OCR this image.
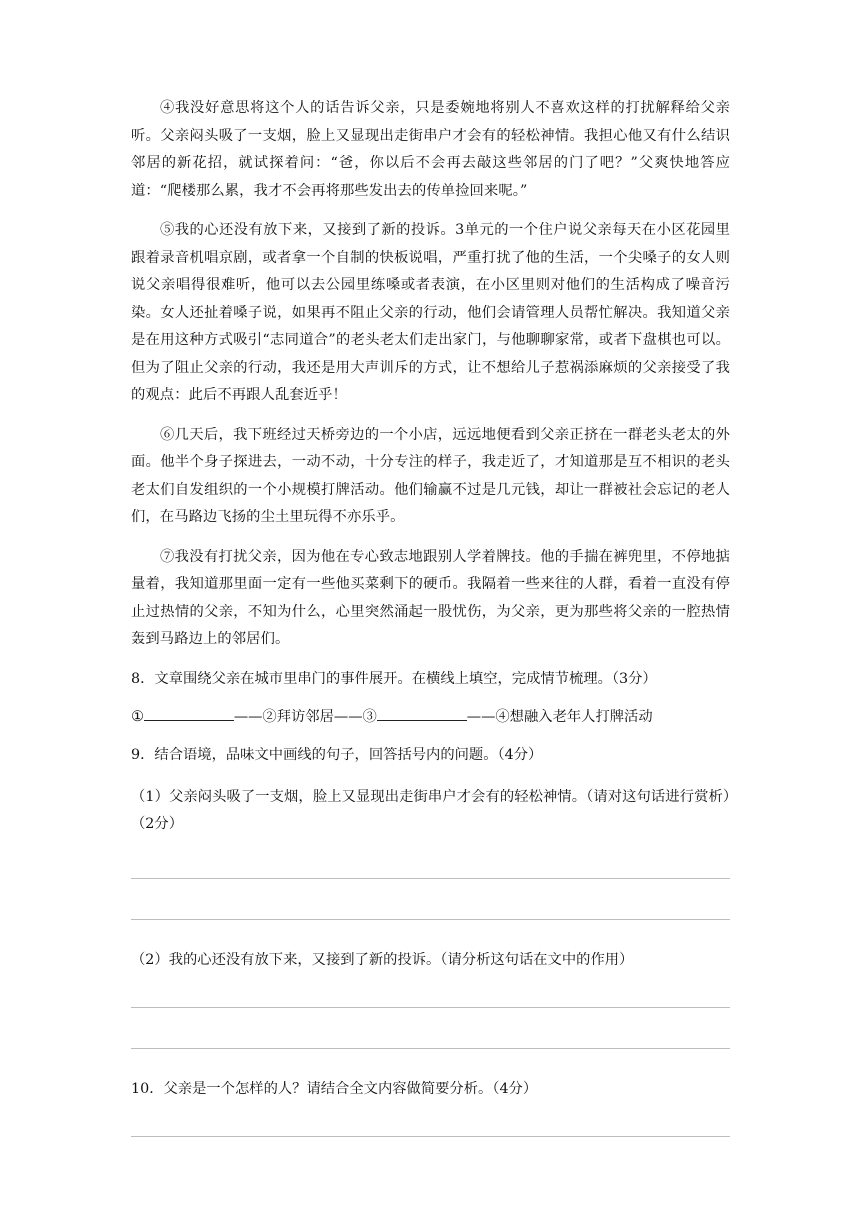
④我没好意思将这个人的话告诉父亲，只是委婉地将别人不喜欢这样的打扰解释给父亲听。父亲闷头吸了一支烟，脸上又显现出走街串户才会有的轻松神情。我担心他又有什么结识邻居的新花招，就试探着问：“爸，你以后不会再去敲这些邻居的门了吧？”父爽快地答应道：“爬楼那么累，我才不会再将那些发出去的传单捡回来呢。”

⑤我的心还没有放下来，又接到了新的投诉。3单元的一个住户说父亲每天在小区花园里跟着录音机唱京剧，或者拿一个自制的快板说唱，严重打扰了他的生活，一个尖嗓子的女人则说父亲唱得很难听，他可以去公园里练嗓或者表演，在小区里则对他们的生活构成了噪音污染。女人还扯着嗓子说，如果再不阻止父亲的行动，他们会请管理人员帮忙解决。我知道父亲是在用这种方式吸引“志同道合”的老头老太们走出家门，与他聊聊家常，或者下盘棋也可以。但为了阻止父亲的行动，我还是用大声训斥的方式，让不想给儿子惹祸添麻烦的父亲接受了我的观点：此后不再跟人乱套近乎！

⑥几天后，我下班经过天桥旁边的一个小店，远远地便看到父亲正挤在一群老头老太的外面。他半个身子探进去，一动不动，十分专注的样子，我走近了，才知道那是互不相识的老头老太们自发组织的一个小规模打牌活动。他们输赢不过是几元钱，却让一群被社会忘记的老人们，在马路边飞扬的尘土里玩得不亦乐乎。

⑦我没有打扰父亲，因为他在专心致志地跟别人学着牌技。他的手揣在裤兜里，不停地掂量着，我知道那里面一定有一些他买菜剩下的硬币。我隔着一些来往的人群，看着一直没有停止过热情的父亲，不知为什么，心里突然涌起一股忧伤，为父亲，更为那些将父亲的一腔热情轰到马路边上的邻居们。

8．文章围绕父亲在城市里串门的事件展开。在横线上填空，完成情节梳理。（3分）

①	——②拜访邻居——③	——④想融入老年人打牌活动

9．结合语境，品味文中画线的句子，回答括号内的问题。（4分）

（1）父亲闷头吸了一支烟，脸上又显现出走街串户才会有的轻松神情。（请对这句话进行赏析）（2分）

（2）我的心还没有放下来，又接到了新的投诉。（请分析这句话在文中的作用）

10．父亲是一个怎样的人？请结合全文内容做简要分析。（4分）
